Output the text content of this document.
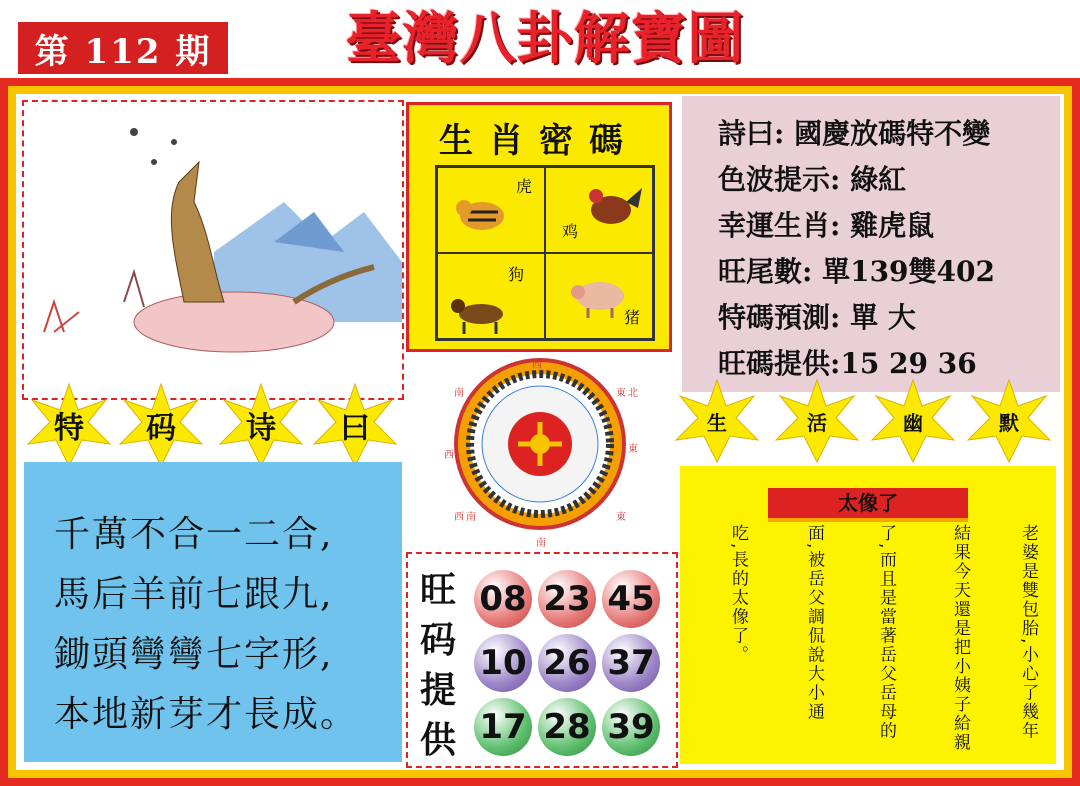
第 112 期	臺灣八卦解寶圖
生肖密碼
虎
鸡
狗
猪
詩曰: 國慶放碼特不變
色波提示: 綠紅
幸運生肖: 雞虎鼠
旺尾數: 單139雙402
特碼預測: 單 大
旺碼提供:15 29 36
特	码	诗	曰	生	活	幽	默
西
南	東 北
西
東
西 南	東
南
千萬不合一二合,
馬后羊前七跟九,
鋤頭彎彎七字形,
本地新芽才長成。
旺
码
提
供
08 23 45
10 26 37
17 28 39
太像了
老婆是雙包胎,小心了幾年
結果今天還是把小姨子給親
了,而且是當著岳父岳母的
面,被岳父調侃說大小通
吃,長的太像了。
